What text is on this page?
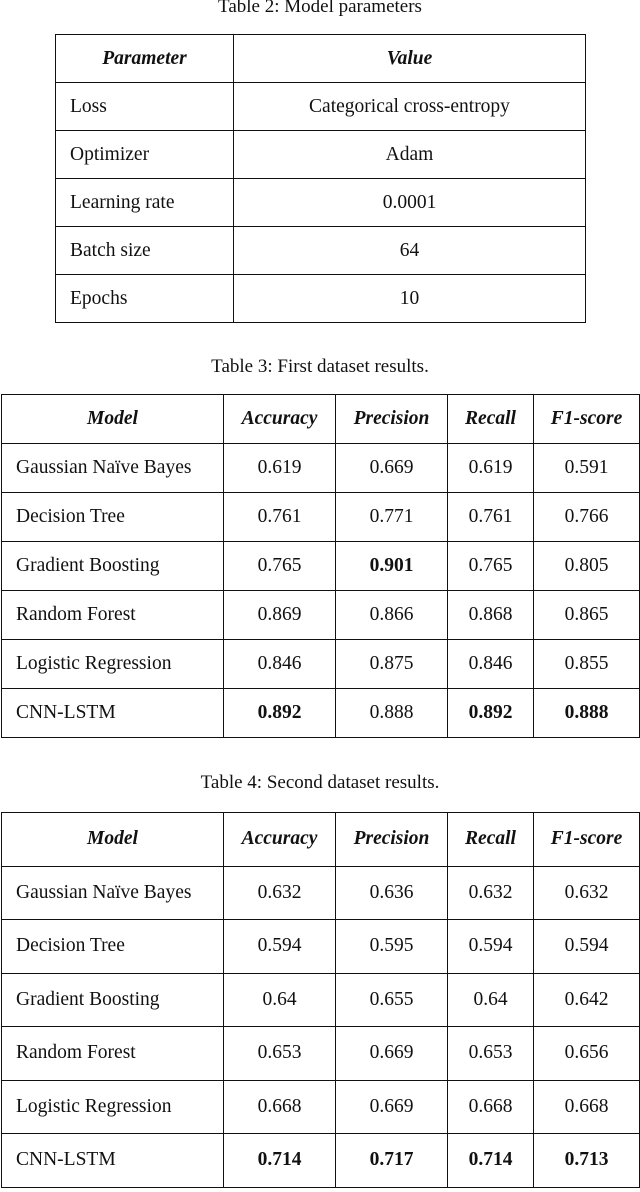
Table 2: Model parameters
Parameter	Value
Loss	Categorical cross-entropy
Optimizer	Adam
Learning rate	0.0001
Batch size	64
Epochs	10
Table 3: First dataset results.
Model	Accuracy	Precision	Recall	F1-score
Gaussian Naïve Bayes	0.619	0.669	0.619	0.591
Decision Tree	0.761	0.771	0.761	0.766
Gradient Boosting	0.765	0.901	0.765	0.805
Random Forest	0.869	0.866	0.868	0.865
Logistic Regression	0.846	0.875	0.846	0.855
CNN-LSTM	0.892	0.888	0.892	0.888
Table 4: Second dataset results.
Model	Accuracy	Precision	Recall	F1-score
Gaussian Naïve Bayes	0.632	0.636	0.632	0.632
Decision Tree	0.594	0.595	0.594	0.594
Gradient Boosting	0.64	0.655	0.64	0.642
Random Forest	0.653	0.669	0.653	0.656
Logistic Regression	0.668	0.669	0.668	0.668
CNN-LSTM	0.714	0.717	0.714	0.713
